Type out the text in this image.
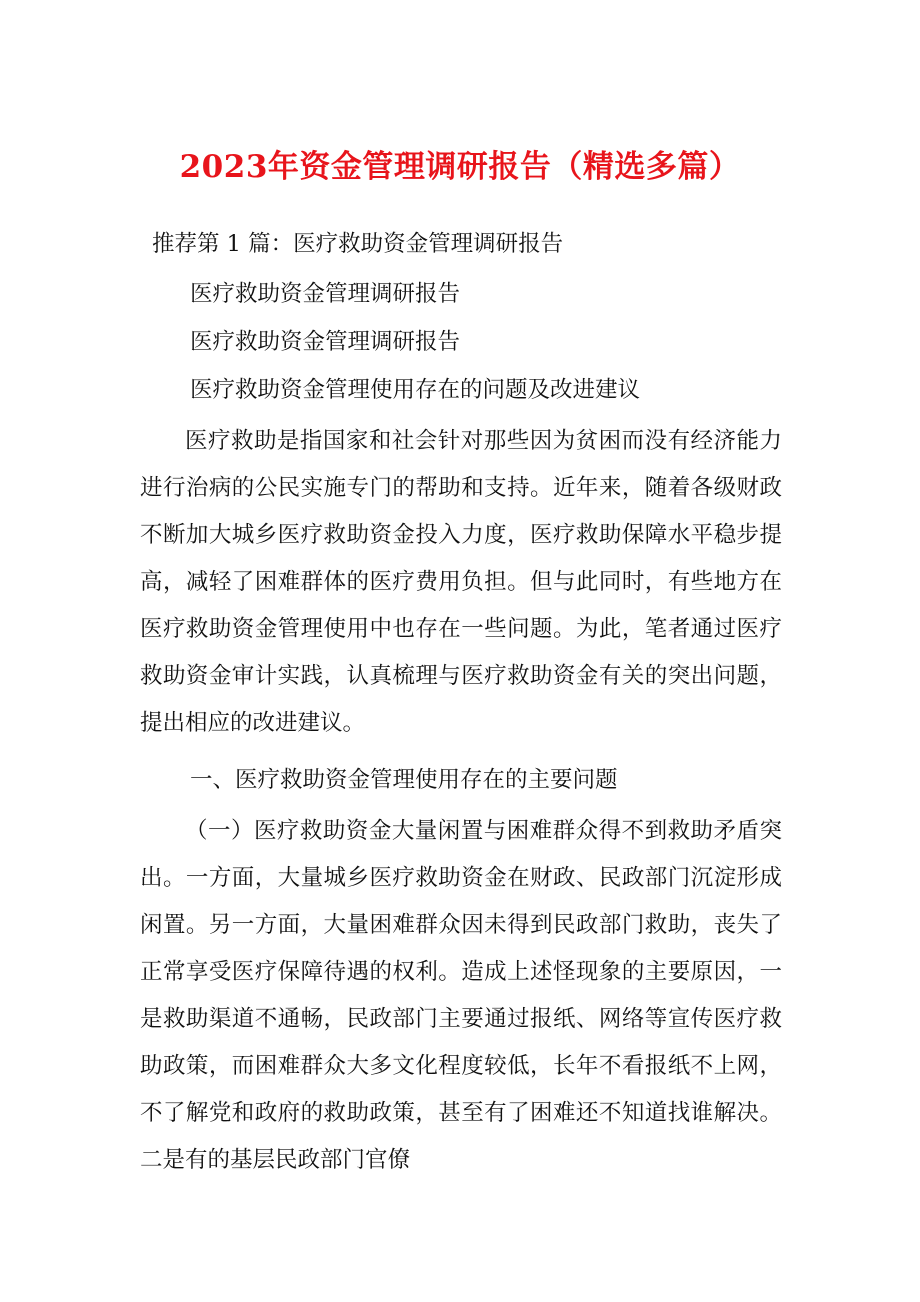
2023年资金管理调研报告（精选多篇）
推荐第 1 篇：医疗救助资金管理调研报告
医疗救助资金管理调研报告
医疗救助资金管理调研报告
医疗救助资金管理使用存在的问题及改进建议
医疗救助是指国家和社会针对那些因为贫困而没有经济能力进行治病的公民实施专门的帮助和支持。近年来，随着各级财政不断加大城乡医疗救助资金投入力度，医疗救助保障水平稳步提高，减轻了困难群体的医疗费用负担。但与此同时，有些地方在医疗救助资金管理使用中也存在一些问题。为此，笔者通过医疗救助资金审计实践，认真梳理与医疗救助资金有关的突出问题，提出相应的改进建议。
一、医疗救助资金管理使用存在的主要问题
（一）医疗救助资金大量闲置与困难群众得不到救助矛盾突出。一方面，大量城乡医疗救助资金在财政、民政部门沉淀形成闲置。另一方面，大量困难群众因未得到民政部门救助，丧失了正常享受医疗保障待遇的权利。造成上述怪现象的主要原因，一是救助渠道不通畅，民政部门主要通过报纸、网络等宣传医疗救助政策，而困难群众大多文化程度较低，长年不看报纸不上网，不了解党和政府的救助政策，甚至有了困难还不知道找谁解决。二是有的基层民政部门官僚
